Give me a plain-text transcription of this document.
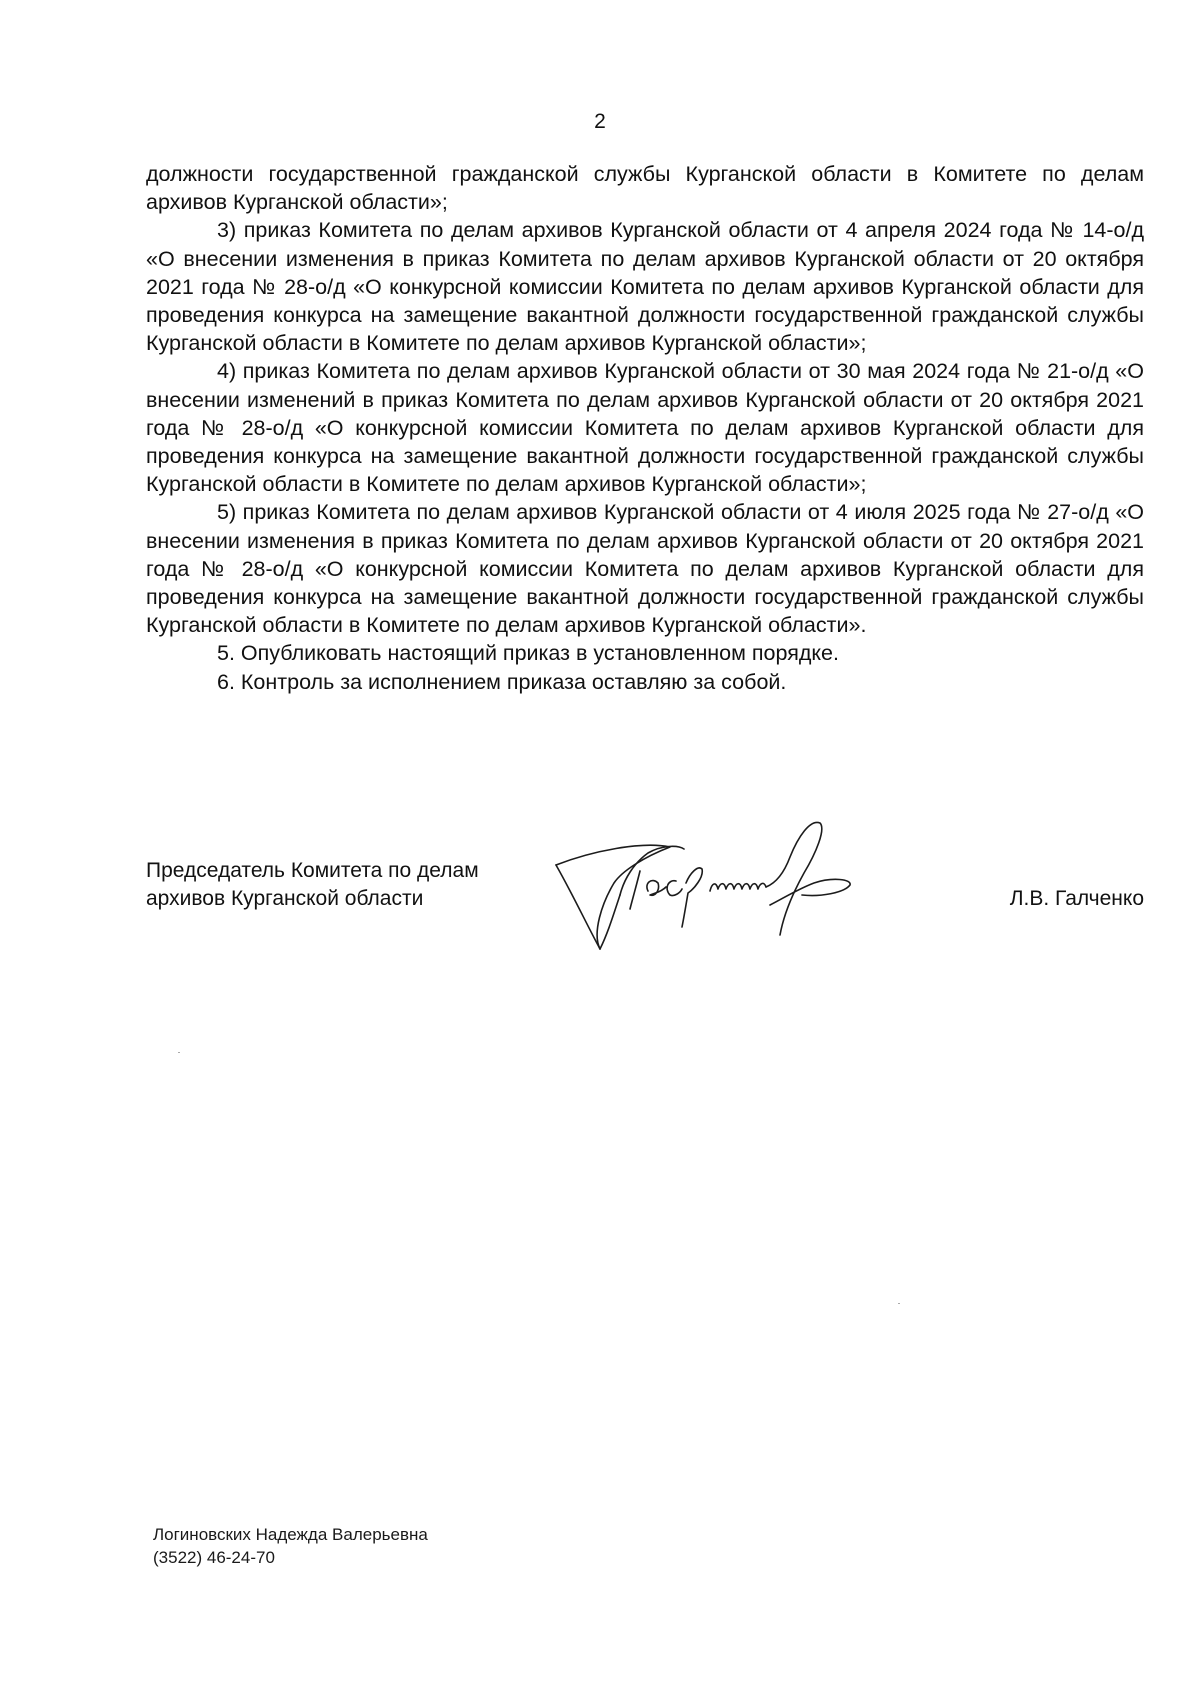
2

должности государственной гражданской службы Курганской области в Комитете по делам архивов Курганской области»;

3) приказ Комитета по делам архивов Курганской области от 4 апреля 2024 года № 14-о/д «О внесении изменения в приказ Комитета по делам архивов Курганской области от 20 октября 2021 года № 28-о/д «О конкурсной комиссии Комитета по делам архивов Курганской области для проведения конкурса на замещение вакантной должности государственной гражданской службы Курганской области в Комитете по делам архивов Курганской области»;

4) приказ Комитета по делам архивов Курганской области от 30 мая 2024 года № 21-о/д «О внесении изменений в приказ Комитета по делам архивов Курганской области от 20 октября 2021 года № 28-о/д «О конкурсной комиссии Комитета по делам архивов Курганской области для проведения конкурса на замещение вакантной должности государственной гражданской службы Курганской области в Комитете по делам архивов Курганской области»;

5) приказ Комитета по делам архивов Курганской области от 4 июля 2025 года № 27-о/д «О внесении изменения в приказ Комитета по делам архивов Курганской области от 20 октября 2021 года № 28-о/д «О конкурсной комиссии Комитета по делам архивов Курганской области для проведения конкурса на замещение вакантной должности государственной гражданской службы Курганской области в Комитете по делам архивов Курганской области».

5. Опубликовать настоящий приказ в установленном порядке.

6. Контроль за исполнением приказа оставляю за собой.

Председатель Комитета по делам
архивов Курганской области	Л.В. Галченко
Логиновских Надежда Валерьевна
(3522) 46-24-70
